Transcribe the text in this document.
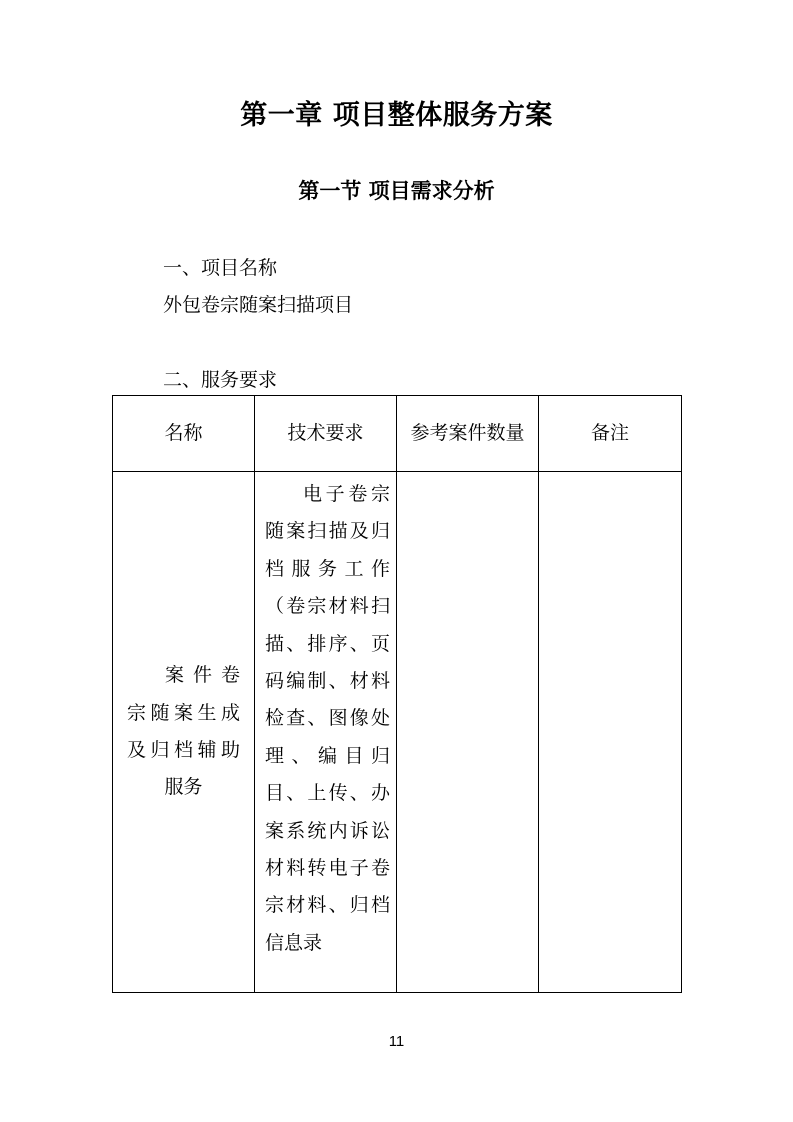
第一章 项目整体服务方案
第一节 项目需求分析

一、项目名称

外包卷宗随案扫描项目

二、服务要求

名称	技术要求	参考案件数量	备注

案件卷宗随案生成及归档辅助服务	电子卷宗随案扫描及归档服务工作（卷宗材料扫描、排序、页码编制、材料检查、图像处理、编目归目、上传、办案系统内诉讼材料转电子卷宗材料、归档信息录		

11
